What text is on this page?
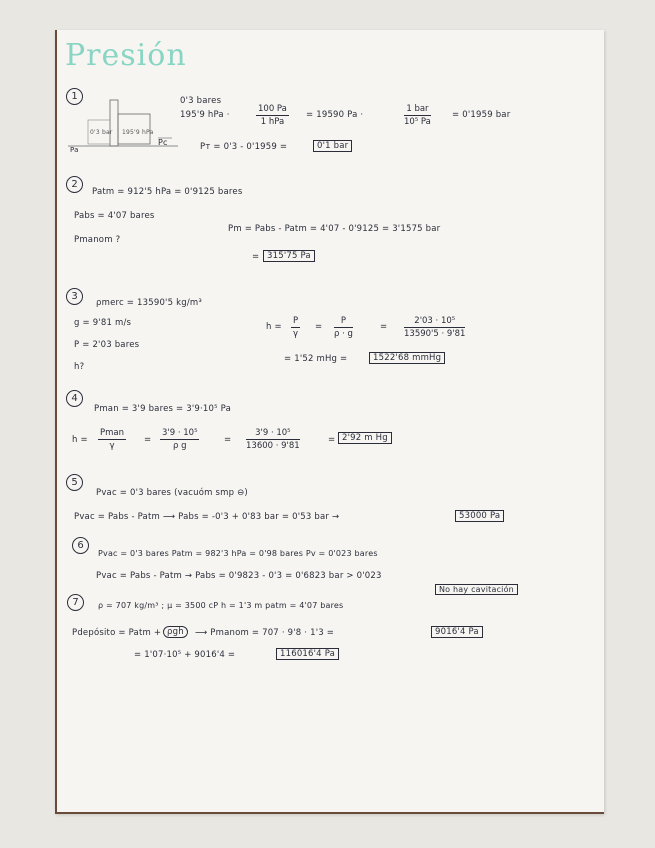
Presión
1
0'3 bar 195'9 hPa
Pa
Pc
0'3 bares
195'9 hPa ·
100 Pa
1 hPa
= 19590 Pa ·
1 bar
10⁵ Pa
= 0'1959 bar
Pᴛ = 0'3 - 0'1959 =	0'1 bar
2
Patm = 912'5 hPa = 0'9125 bares
Pabs = 4'07 bares
Pmanom ?
Pm = Pabs - Patm = 4'07 - 0'9125 = 3'1575 bar
= 315'75 Pa
3
ρmerc = 13590'5 kg/m³
g = 9'81 m/s
P = 2'03 bares
h?
$h = \frac{P}{\gamma} = \frac{P}{\rho \cdot g}$	= $\frac{\text{2'03 · 10⁵}}{13590'5 \cdot 9'81}$
= 1'52 mHg =	1522'68 mmHg
4
Pman = 3'9 bares = 3'9·10⁵ Pa
h =
Pman
γ
= $\frac{\text{3'9 · 10⁵}}{\text{ρ g}}$	= $\frac{\text{3'9 · 10⁵}}{13600 \cdot 9'81}$	= 2'92 m Hg
5
Pvac = 0'3 bares (vacuóm smp ⊖)
Pvac = Pabs - Patm ⟶ Pabs = -0'3 + 0'83 bar = 0'53 bar →	53000 Pa
6
Pvac = 0'3 bares Patm = 982'3 hPa = 0'98 bares Pv = 0'023 bares
Pvac = Pabs - Patm → Pabs = 0'9823 - 0'3 = 0'6823 bar > 0'023
No hay cavitación
7	ρ = 707 kg/m³ ; μ = 3500 cP h = 1'3 m patm = 4'07 bares
Pdepósito = Patm + ρgh	⟶ Pmanom = 707 · 9'8 · 1'3 =	9016'4 Pa
= 1'07·10⁵ + 9016'4 =	116016'4 Pa
